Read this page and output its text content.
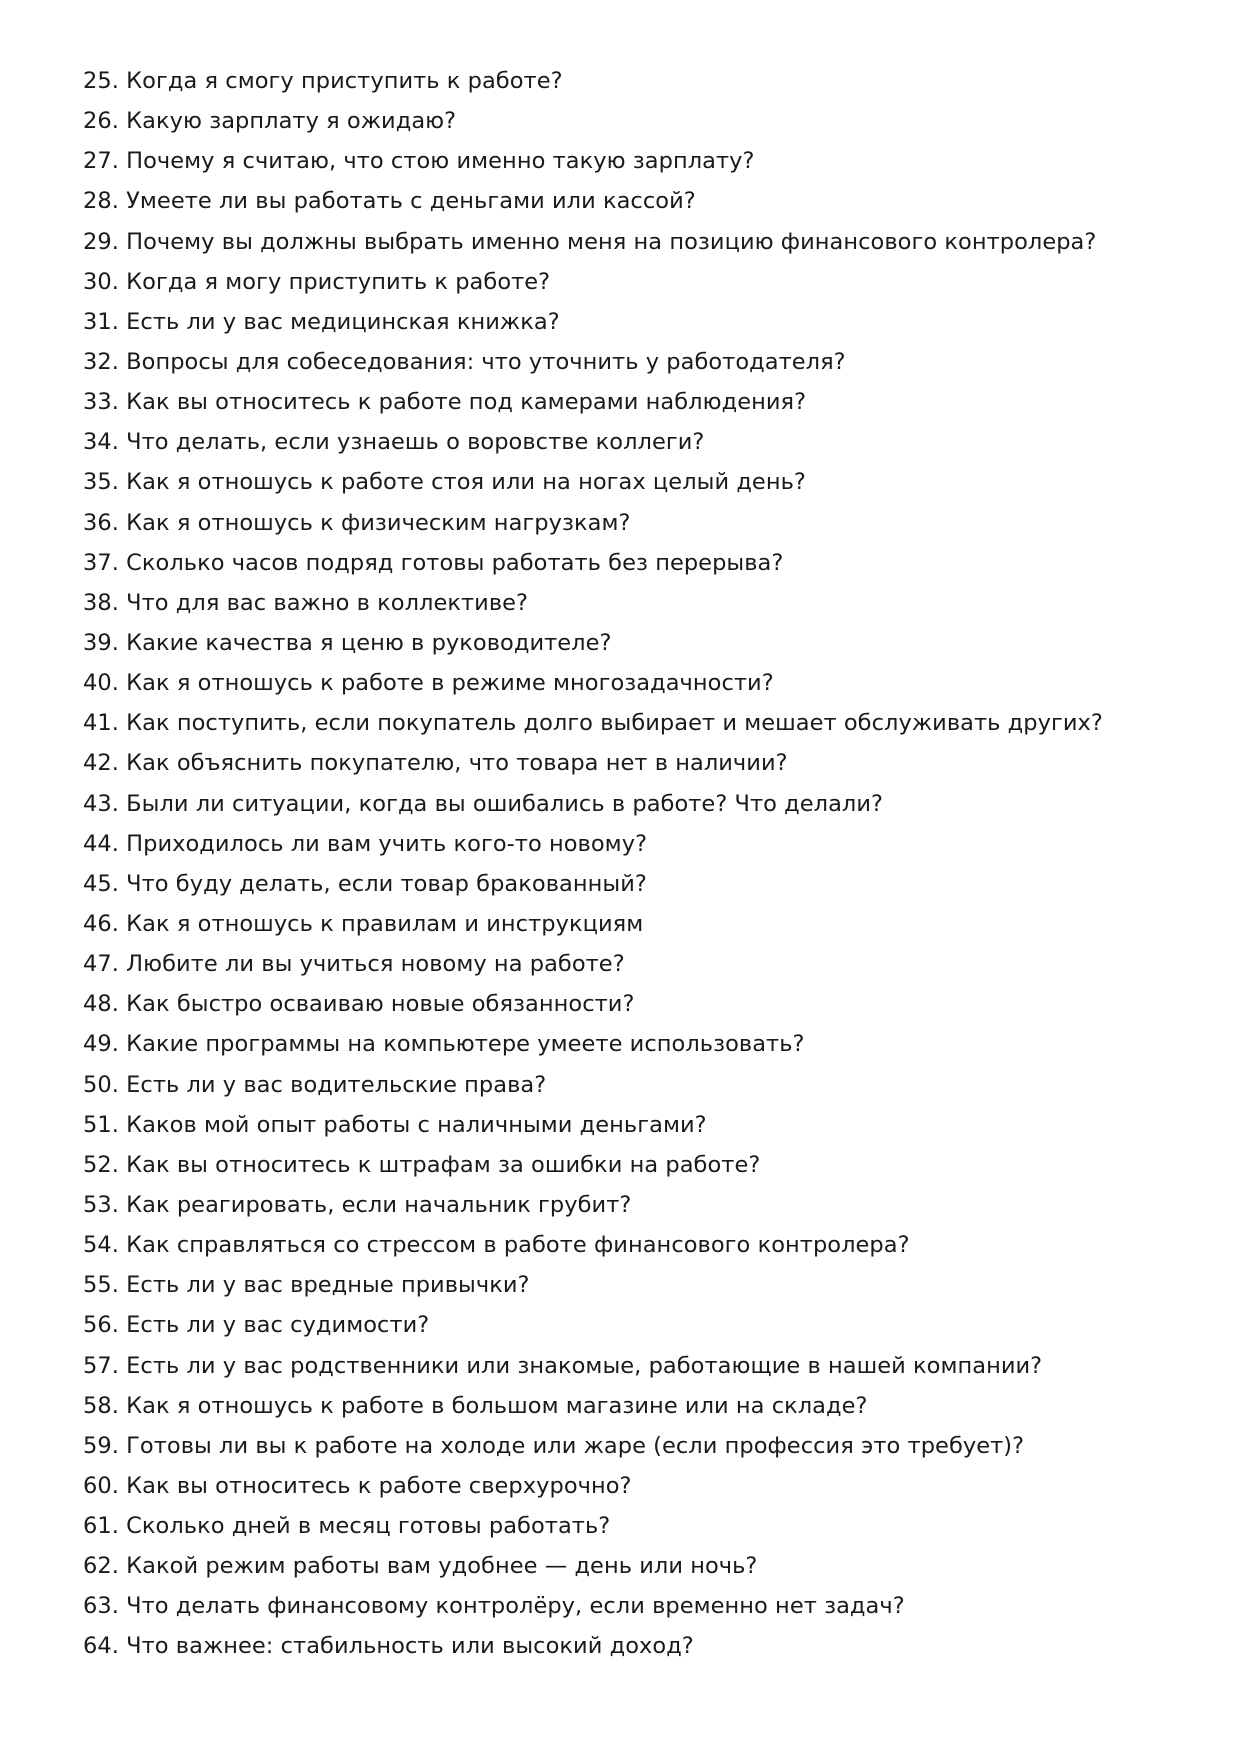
25. Когда я смогу приступить к работе?
26. Какую зарплату я ожидаю?
27. Почему я считаю, что стою именно такую зарплату?
28. Умеете ли вы работать с деньгами или кассой?
29. Почему вы должны выбрать именно меня на позицию финансового контролера?
30. Когда я могу приступить к работе?
31. Есть ли у вас медицинская книжка?
32. Вопросы для собеседования: что уточнить у работодателя?
33. Как вы относитесь к работе под камерами наблюдения?
34. Что делать, если узнаешь о воровстве коллеги?
35. Как я отношусь к работе стоя или на ногах целый день?
36. Как я отношусь к физическим нагрузкам?
37. Сколько часов подряд готовы работать без перерыва?
38. Что для вас важно в коллективе?
39. Какие качества я ценю в руководителе?
40. Как я отношусь к работе в режиме многозадачности?
41. Как поступить, если покупатель долго выбирает и мешает обслуживать других?
42. Как объяснить покупателю, что товара нет в наличии?
43. Были ли ситуации, когда вы ошибались в работе? Что делали?
44. Приходилось ли вам учить кого-то новому?
45. Что буду делать, если товар бракованный?
46. Как я отношусь к правилам и инструкциям
47. Любите ли вы учиться новому на работе?
48. Как быстро осваиваю новые обязанности?
49. Какие программы на компьютере умеете использовать?
50. Есть ли у вас водительские права?
51. Каков мой опыт работы с наличными деньгами?
52. Как вы относитесь к штрафам за ошибки на работе?
53. Как реагировать, если начальник грубит?
54. Как справляться со стрессом в работе финансового контролера?
55. Есть ли у вас вредные привычки?
56. Есть ли у вас судимости?
57. Есть ли у вас родственники или знакомые, работающие в нашей компании?
58. Как я отношусь к работе в большом магазине или на складе?
59. Готовы ли вы к работе на холоде или жаре (если профессия это требует)?
60. Как вы относитесь к работе сверхурочно?
61. Сколько дней в месяц готовы работать?
62. Какой режим работы вам удобнее — день или ночь?
63. Что делать финансовому контролёру, если временно нет задач?
64. Что важнее: стабильность или высокий доход?
